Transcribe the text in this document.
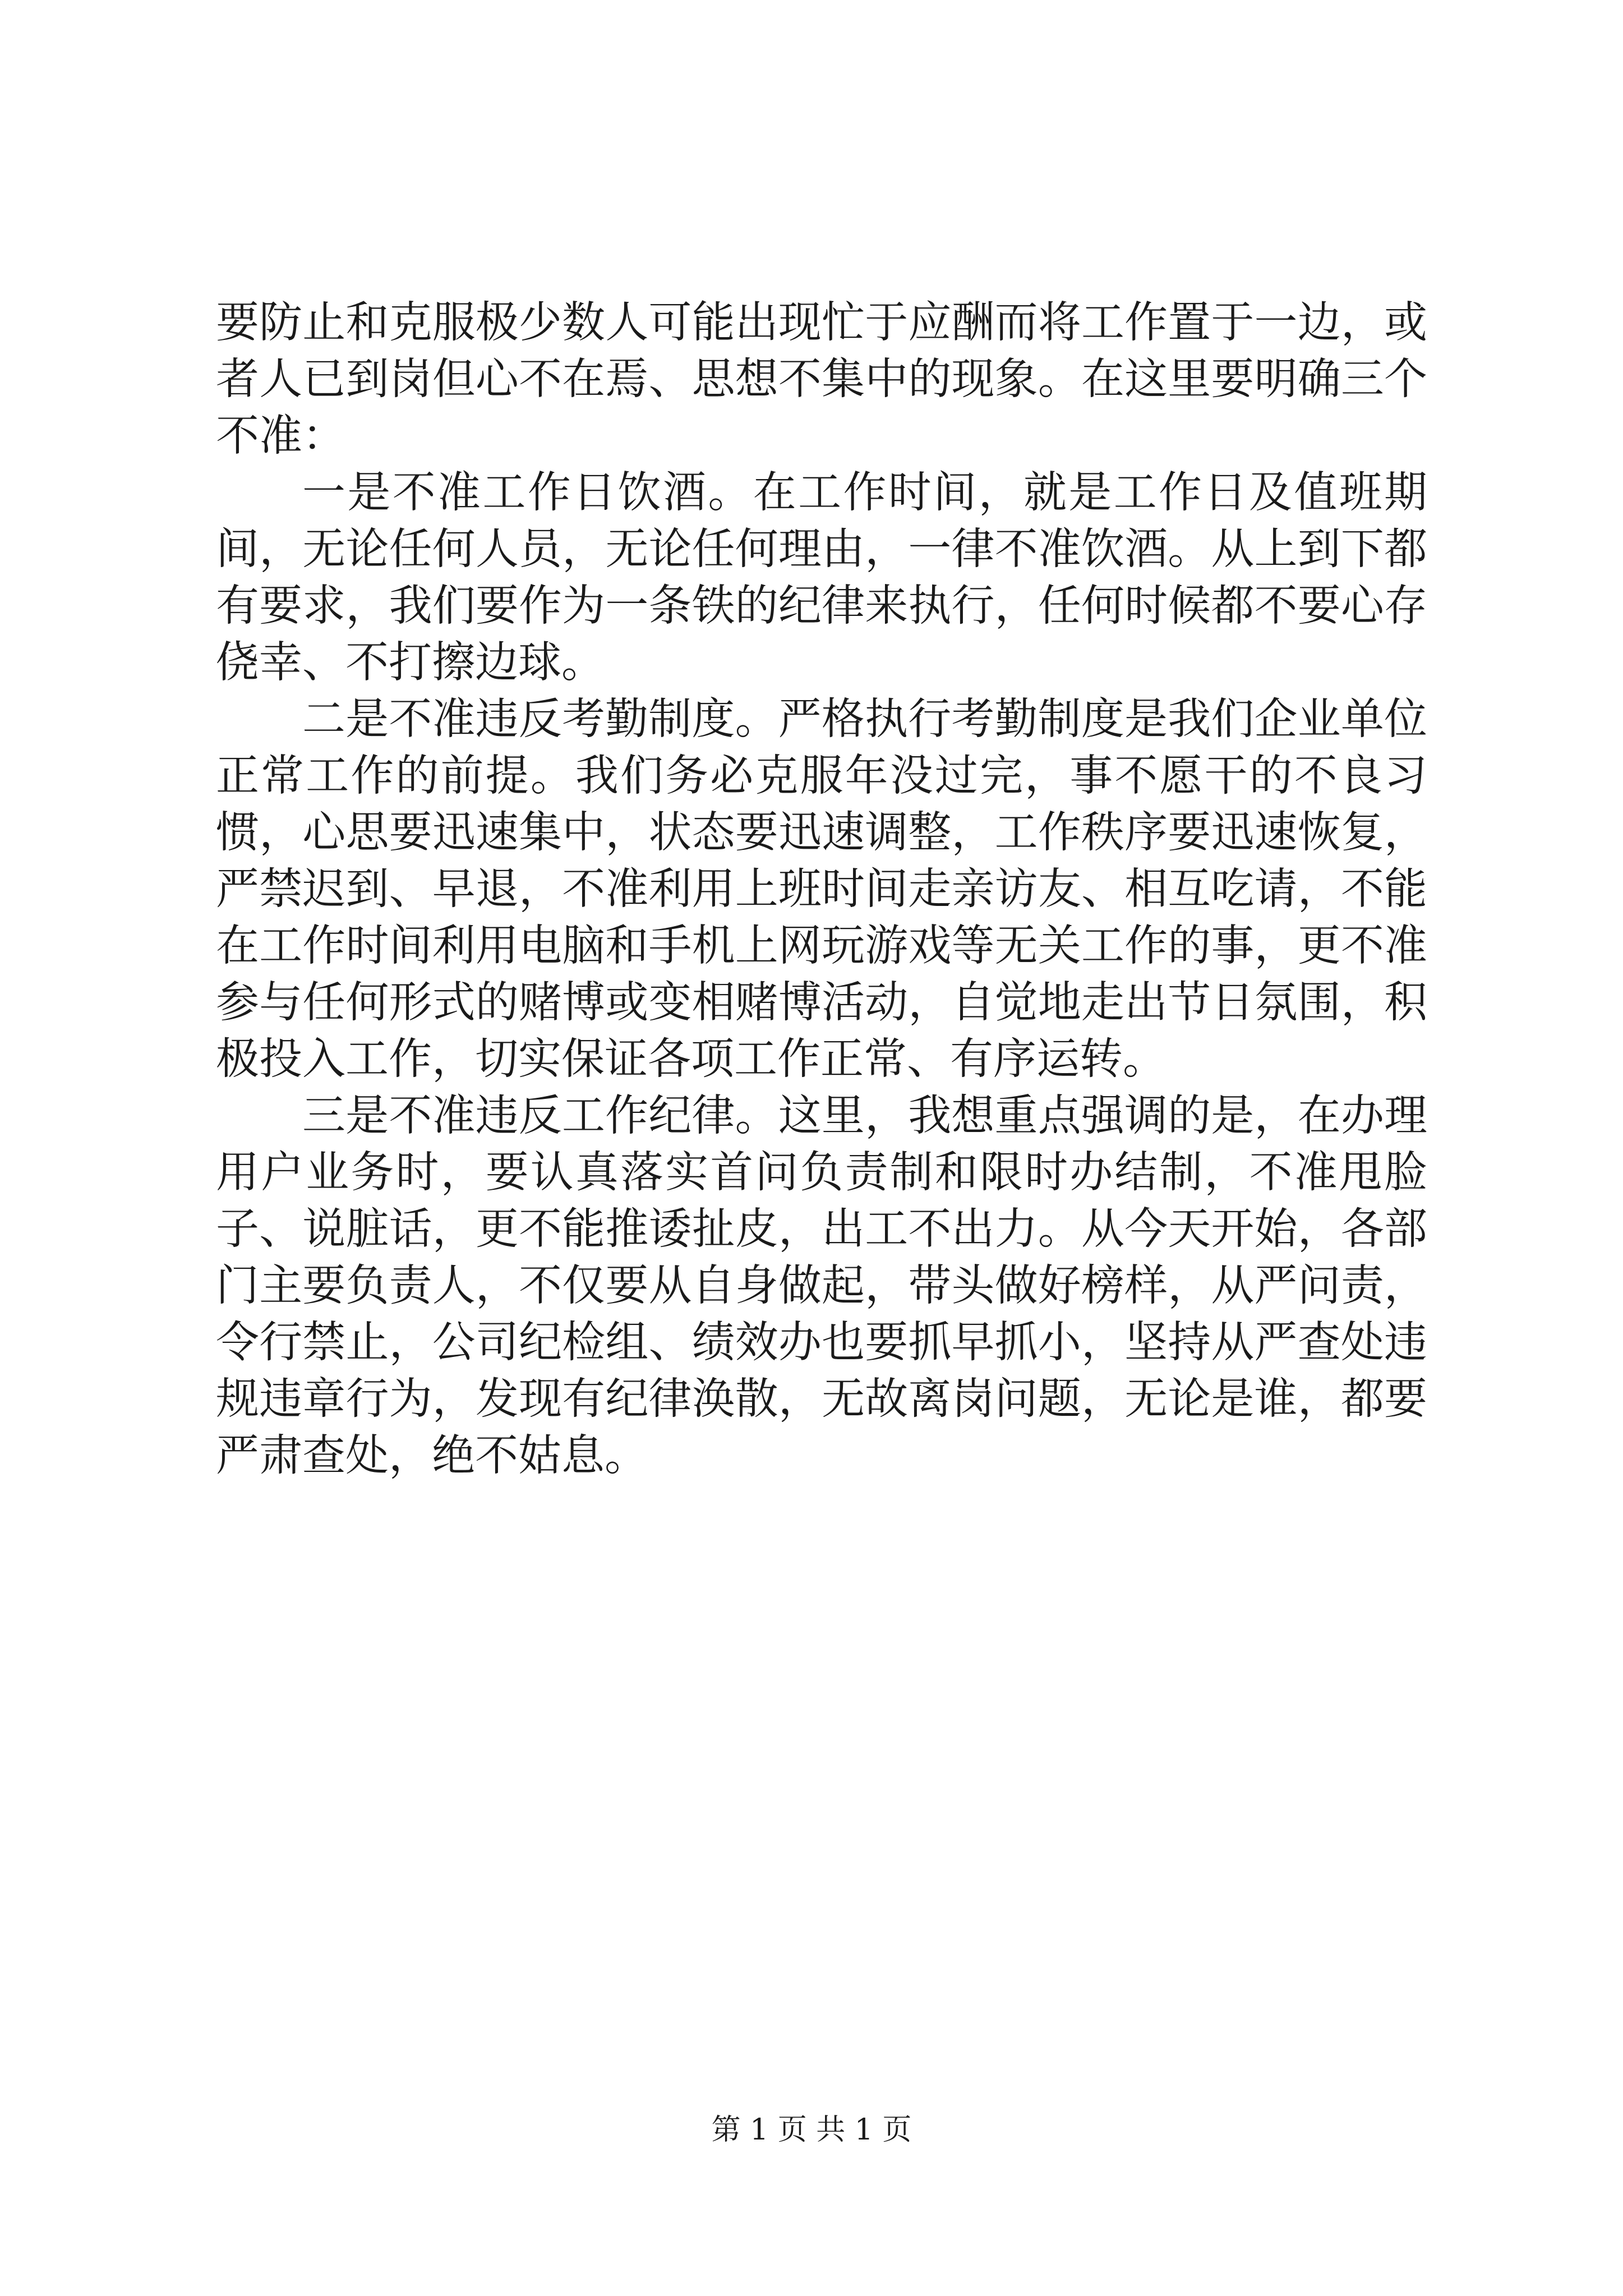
要防止和克服极少数人可能出现忙于应酬而将工作置于一边，或者人已到岗但心不在焉、思想不集中的现象。在这里要明确三个不准：

一是不准工作日饮酒。在工作时间，就是工作日及值班期间，无论任何人员，无论任何理由，一律不准饮酒。从上到下都有要求，我们要作为一条铁的纪律来执行，任何时候都不要心存侥幸、不打擦边球。

二是不准违反考勤制度。严格执行考勤制度是我们企业单位正常工作的前提。我们务必克服年没过完，事不愿干的不良习惯，心思要迅速集中，状态要迅速调整，工作秩序要迅速恢复，严禁迟到、早退，不准利用上班时间走亲访友、相互吃请，不能在工作时间利用电脑和手机上网玩游戏等无关工作的事，更不准参与任何形式的赌博或变相赌博活动，自觉地走出节日氛围，积极投入工作，切实保证各项工作正常、有序运转。

三是不准违反工作纪律。这里，我想重点强调的是，在办理用户业务时，要认真落实首问负责制和限时办结制，不准甩脸子、说脏话，更不能推诿扯皮，出工不出力。从今天开始，各部门主要负责人，不仅要从自身做起，带头做好榜样，从严问责，令行禁止，公司纪检组、绩效办也要抓早抓小，坚持从严查处违规违章行为，发现有纪律涣散，无故离岗问题，无论是谁，都要严肃查处，绝不姑息。

第 1 页 共 1 页
